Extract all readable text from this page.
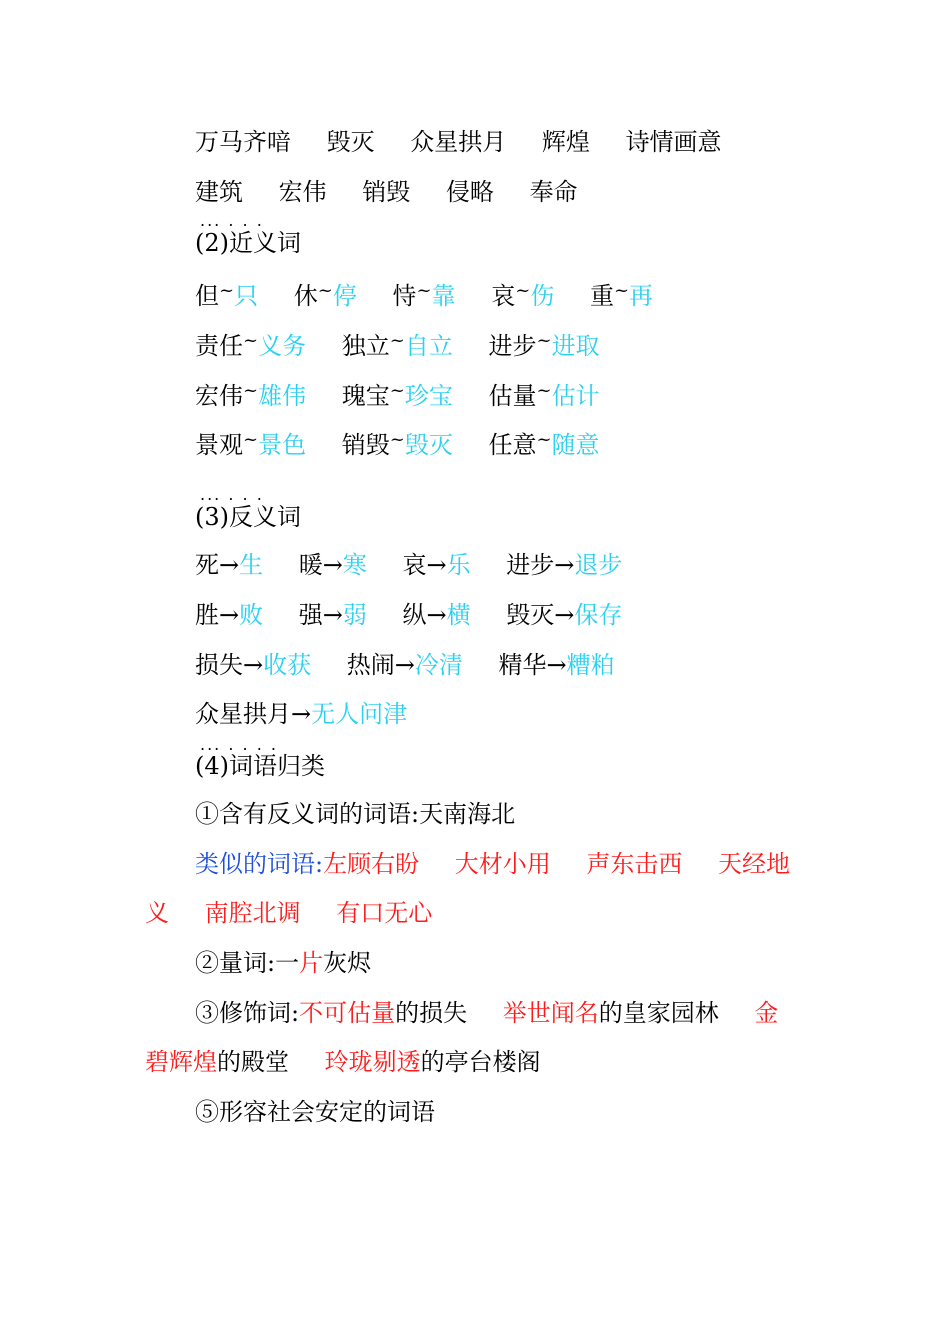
万马齐喑 毁灭 众星拱月 辉煌 诗情画意
建筑 宏伟 销毁 侵略 奉命
... . . .
(2)近义词
但~只 休~停 恃~靠 哀~伤 重~再
责任~义务 独立~自立 进步~进取
宏伟~雄伟 瑰宝~珍宝 估量~估计
景观~景色 销毁~毁灭 任意~随意
... . . .
(3)反义词
死→生 暖→寒 哀→乐 进步→退步
胜→败 强→弱 纵→横 毁灭→保存
损失→收获 热闹→冷清 精华→糟粕
众星拱月→无人问津
... . . . .
(4)词语归类
①含有反义词的词语:天南海北
类似的词语:左顾右盼 大材小用 声东击西 天经地
义 南腔北调 有口无心
②量词:一片灰烬
③修饰词:不可估量的损失 举世闻名的皇家园林 金
碧辉煌的殿堂 玲珑剔透的亭台楼阁
⑤形容社会安定的词语
